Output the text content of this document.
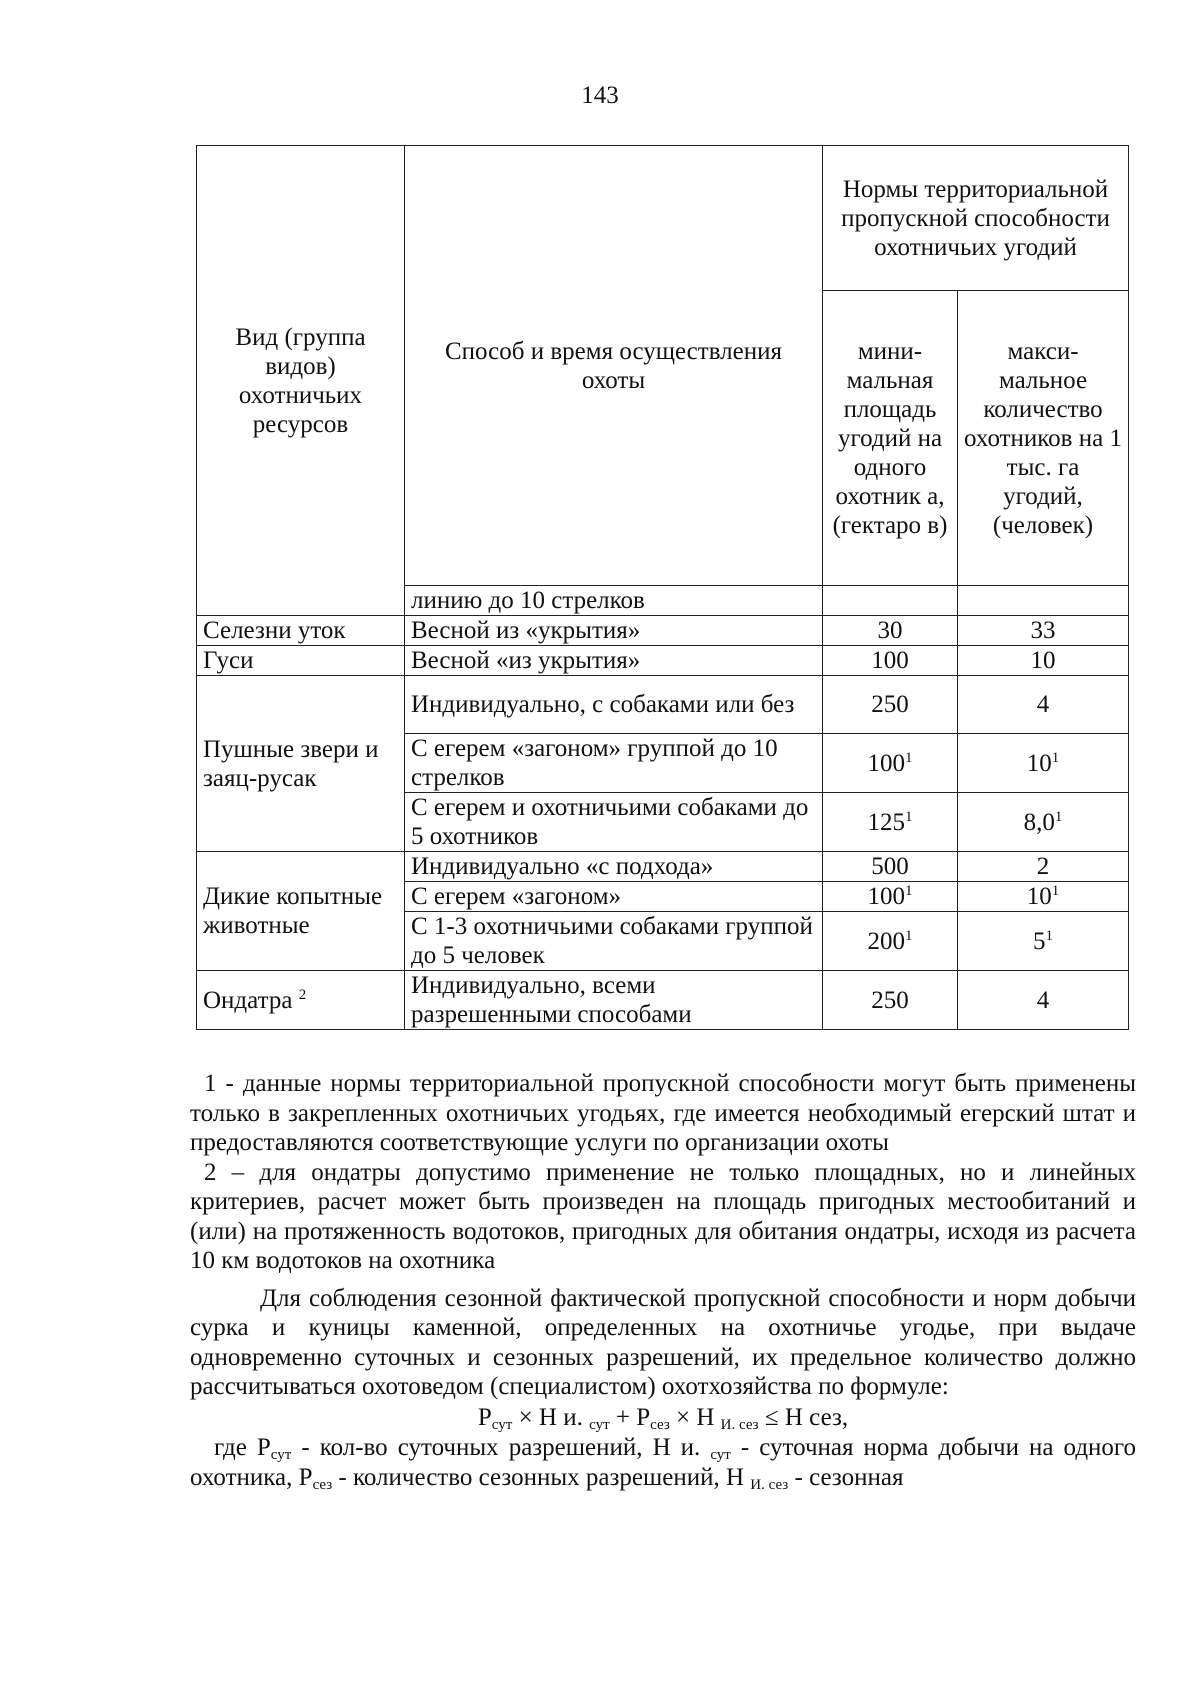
143
Вид (группа видов) охотничьих ресурсов	Способ и время осуществления охоты	Нормы территориальной пропускной способности охотничьих угодий	
		мини-мальная площадь угодий на одного охотник а, (гектаро в)	макси-мальное количество охотников на 1 тыс. га угодий, (человек)
	линию до 10 стрелков		
Селезни уток	Весной из «укрытия»	30	33
Гуси	Весной «из укрытия»	100	10
Пушные звери и заяц-русак	Индивидуально, с собаками или без	250	4
	С егерем «загоном» группой до 10 стрелков	$100^1$	$10^1$
	С егерем и охотничьими собаками до 5 охотников	$125^1$	$8,0^1$
Дикие копытные животные	Индивидуально «с подхода»	500	2
	С егерем «загоном»	$100^1$	$10^1$
	С 1-3 охотничьими собаками группой до 5 человек	$200^1$	$5^1$
Ондатра $^2$	Индивидуально, всеми разрешенными способами	250	4

1 - данные нормы территориальной пропускной способности могут быть применены только в закрепленных охотничьих угодьях, где имеется необходимый егерский штат и предоставляются соответствующие услуги по организации охоты

2 – для ондатры допустимо применение не только площадных, но и линейных критериев, расчет может быть произведен на площадь пригодных местообитаний и (или) на протяженность водотоков, пригодных для обитания ондатры, исходя из расчета 10 км водотоков на охотника

Для соблюдения сезонной фактической пропускной способности и норм добычи сурка и куницы каменной, определенных на охотничье угодье, при выдаче одновременно суточных и сезонных разрешений, их предельное количество должно рассчитываться охотоведом (специалистом) охотхозяйства по формуле:

$P_{сут} \times Н$ и. $_{сут} + P_{сез} \times Н$ $_{И. сез}$ ≤ Н сез,

где $P_{сут} - кол-во$ суточных разрешений, Н и. $_{сут}$ - суточная норма добычи на одного охотника, $P_{сез}$ - количество сезонных разрешений, Н $_{И. сез}$ - сезонная
